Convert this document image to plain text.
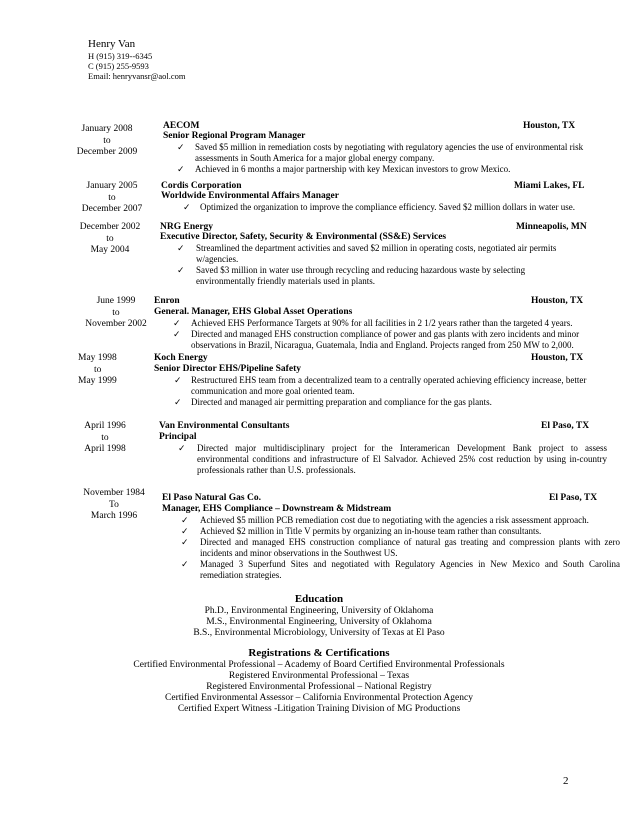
Henry Van
H (915) 319--6345
C (915) 255-9593
Email: henryvansr@aol.com
January 2008
to
December 2009
AECOM	Houston, TX
Senior Regional Program Manager
✓ Saved $5 million in remediation costs by negotiating with regulatory agencies the use of environmental risk assessments in South America for a major global energy company.
✓ Achieved in 6 months a major partnership with key Mexican investors to grow Mexico.
January 2005
to
December 2007
Cordis Corporation	Miami Lakes, FL
Worldwide Environmental Affairs Manager
✓ Optimized the organization to improve the compliance efficiency. Saved $2 million dollars in water use.
December 2002
to
May 2004
NRG Energy	Minneapolis, MN
Executive Director, Safety, Security & Environmental (SS&E) Services
✓ Streamlined the department activities and saved $2 million in operating costs, negotiated air permits w/agencies.
✓ Saved $3 million in water use through recycling and reducing hazardous waste by selecting environmentally friendly materials used in plants.
June 1999
to
November 2002
Enron	Houston, TX
General. Manager, EHS Global Asset Operations
✓ Achieved EHS Performance Targets at 90% for all facilities in 2 1/2 years rather than the targeted 4 years.
✓ Directed and managed EHS construction compliance of power and gas plants with zero incidents and minor observations in Brazil, Nicaragua, Guatemala, India and England. Projects ranged from 250 MW to 2,000.
May 1998
to
May 1999
Koch Energy	Houston, TX
Senior Director EHS/Pipeline Safety
✓ Restructured EHS team from a decentralized team to a centrally operated achieving efficiency increase, better communication and more goal oriented team.
✓ Directed and managed air permitting preparation and compliance for the gas plants.
April 1996
to
April 1998
Van Environmental Consultants	El Paso, TX
Principal
✓ Directed major multidisciplinary project for the Interamerican Development Bank project to assess environmental conditions and infrastructure of El Salvador. Achieved 25% cost reduction by using in-country professionals rather than U.S. professionals.
November 1984
To
March 1996
El Paso Natural Gas Co.	El Paso, TX
Manager, EHS Compliance – Downstream & Midstream
✓ Achieved $5 million PCB remediation cost due to negotiating with the agencies a risk assessment approach.
✓ Achieved $2 million in Title V permits by organizing an in-house team rather than consultants.
✓ Directed and managed EHS construction compliance of natural gas treating and compression plants with zero incidents and minor observations in the Southwest US.
✓ Managed 3 Superfund Sites and negotiated with Regulatory Agencies in New Mexico and South Carolina remediation strategies.
Education
Ph.D., Environmental Engineering, University of Oklahoma
M.S., Environmental Engineering, University of Oklahoma
B.S., Environmental Microbiology, University of Texas at El Paso
Registrations & Certifications
Certified Environmental Professional – Academy of Board Certified Environmental Professionals
Registered Environmental Professional – Texas
Registered Environmental Professional – National Registry
Certified Environmental Assessor – California Environmental Protection Agency
Certified Expert Witness -Litigation Training Division of MG Productions
2
